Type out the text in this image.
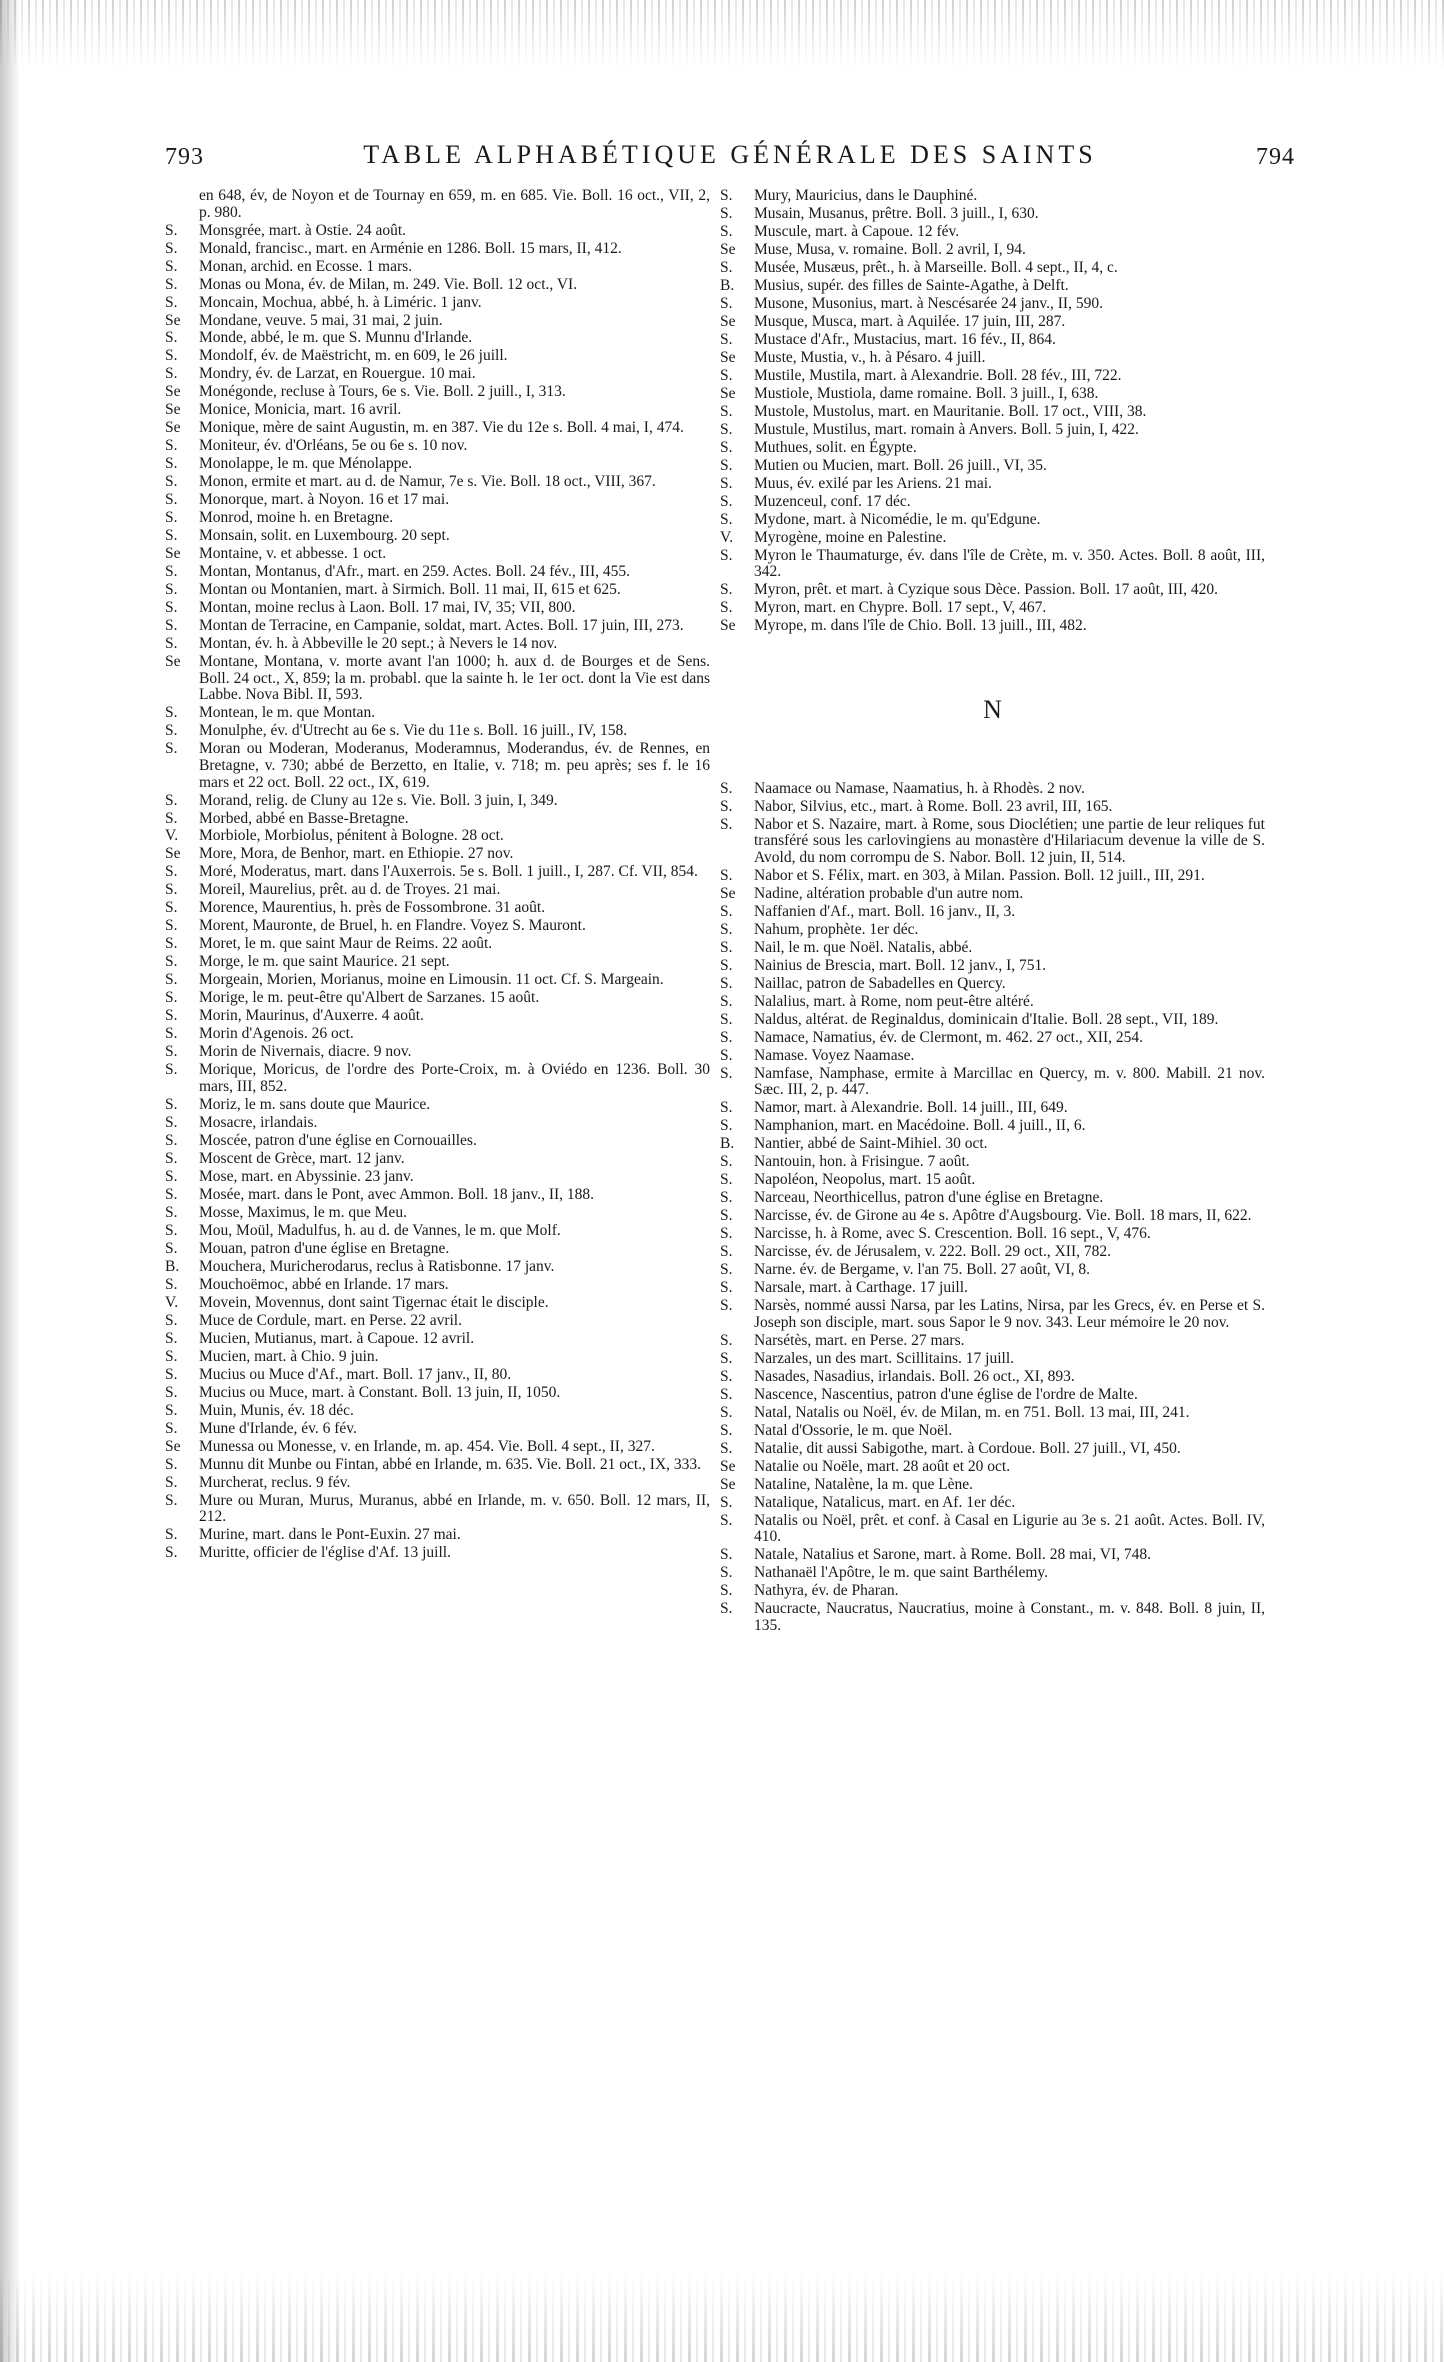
793	TABLE ALPHABÉTIQUE GÉNÉRALE DES SAINTS	794
en 648, év, de Noyon et de Tournay en 659, m. en 685. Vie. Boll. 16 oct., VII, 2, p. 980.
S.	Monsgrée, mart. à Ostie. 24 août.
S.	Monald, francisc., mart. en Arménie en 1286. Boll. 15 mars, II, 412.
S.	Monan, archid. en Ecosse. 1 mars.
S.	Monas ou Mona, év. de Milan, m. 249. Vie. Boll. 12 oct., VI.
S.	Moncain, Mochua, abbé, h. à Liméric. 1 janv.
Se	Mondane, veuve. 5 mai, 31 mai, 2 juin.
S.	Monde, abbé, le m. que S. Munnu d'Irlande.
S.	Mondolf, év. de Maëstricht, m. en 609, le 26 juill.
S.	Mondry, év. de Larzat, en Rouergue. 10 mai.
Se	Monégonde, recluse à Tours, 6e s. Vie. Boll. 2 juill., I, 313.
Se	Monice, Monicia, mart. 16 avril.
Se	Monique, mère de saint Augustin, m. en 387. Vie du 12e s. Boll. 4 mai, I, 474.
S.	Moniteur, év. d'Orléans, 5e ou 6e s. 10 nov.
S.	Monolappe, le m. que Ménolappe.
S.	Monon, ermite et mart. au d. de Namur, 7e s. Vie. Boll. 18 oct., VIII, 367.
S.	Monorque, mart. à Noyon. 16 et 17 mai.
S.	Monrod, moine h. en Bretagne.
S.	Monsain, solit. en Luxembourg. 20 sept.
Se	Montaine, v. et abbesse. 1 oct.
S.	Montan, Montanus, d'Afr., mart. en 259. Actes. Boll. 24 fév., III, 455.
S.	Montan ou Montanien, mart. à Sirmich. Boll. 11 mai, II, 615 et 625.
S.	Montan, moine reclus à Laon. Boll. 17 mai, IV, 35; VII, 800.
S.	Montan de Terracine, en Campanie, soldat, mart. Actes. Boll. 17 juin, III, 273.
S.	Montan, év. h. à Abbeville le 20 sept.; à Nevers le 14 nov.
Se	Montane, Montana, v. morte avant l'an 1000; h. aux d. de Bourges et de Sens. Boll. 24 oct., X, 859; la m. probabl. que la sainte h. le 1er oct. dont la Vie est dans Labbe. Nova Bibl. II, 593.
S.	Montean, le m. que Montan.
S.	Monulphe, év. d'Utrecht au 6e s. Vie du 11e s. Boll. 16 juill., IV, 158.
S.	Moran ou Moderan, Moderanus, Moderamnus, Moderandus, év. de Rennes, en Bretagne, v. 730; abbé de Berzetto, en Italie, v. 718; m. peu après; ses f. le 16 mars et 22 oct. Boll. 22 oct., IX, 619.
S.	Morand, relig. de Cluny au 12e s. Vie. Boll. 3 juin, I, 349.
S.	Morbed, abbé en Basse-Bretagne.
V.	Morbiole, Morbiolus, pénitent à Bologne. 28 oct.
Se	More, Mora, de Benhor, mart. en Ethiopie. 27 nov.
S.	Moré, Moderatus, mart. dans l'Auxerrois. 5e s. Boll. 1 juill., I, 287. Cf. VII, 854.
S.	Moreil, Maurelius, prêt. au d. de Troyes. 21 mai.
S.	Morence, Maurentius, h. près de Fossombrone. 31 août.
S.	Morent, Mauronte, de Bruel, h. en Flandre. Voyez S. Mauront.
S.	Moret, le m. que saint Maur de Reims. 22 août.
S.	Morge, le m. que saint Maurice. 21 sept.
S.	Morgeain, Morien, Morianus, moine en Limousin. 11 oct. Cf. S. Margeain.
S.	Morige, le m. peut-être qu'Albert de Sarzanes. 15 août.
S.	Morin, Maurinus, d'Auxerre. 4 août.
S.	Morin d'Agenois. 26 oct.
S.	Morin de Nivernais, diacre. 9 nov.
S.	Morique, Moricus, de l'ordre des Porte-Croix, m. à Oviédo en 1236. Boll. 30 mars, III, 852.
S.	Moriz, le m. sans doute que Maurice.
S.	Mosacre, irlandais.
S.	Moscée, patron d'une église en Cornouailles.
S.	Moscent de Grèce, mart. 12 janv.
S.	Mose, mart. en Abyssinie. 23 janv.
S.	Mosée, mart. dans le Pont, avec Ammon. Boll. 18 janv., II, 188.
S.	Mosse, Maximus, le m. que Meu.
S.	Mou, Moül, Madulfus, h. au d. de Vannes, le m. que Molf.
S.	Mouan, patron d'une église en Bretagne.
B.	Mouchera, Muricherodarus, reclus à Ratisbonne. 17 janv.
S.	Mouchoëmoc, abbé en Irlande. 17 mars.
V.	Movein, Movennus, dont saint Tigernac était le disciple.
S.	Muce de Cordule, mart. en Perse. 22 avril.
S.	Mucien, Mutianus, mart. à Capoue. 12 avril.
S.	Mucien, mart. à Chio. 9 juin.
S.	Mucius ou Muce d'Af., mart. Boll. 17 janv., II, 80.
S.	Mucius ou Muce, mart. à Constant. Boll. 13 juin, II, 1050.
S.	Muin, Munis, év. 18 déc.
S.	Mune d'Irlande, év. 6 fév.
Se	Munessa ou Monesse, v. en Irlande, m. ap. 454. Vie. Boll. 4 sept., II, 327.
S.	Munnu dit Munbe ou Fintan, abbé en Irlande, m. 635. Vie. Boll. 21 oct., IX, 333.
S.	Murcherat, reclus. 9 fév.
S.	Mure ou Muran, Murus, Muranus, abbé en Irlande, m. v. 650. Boll. 12 mars, II, 212.
S.	Murine, mart. dans le Pont-Euxin. 27 mai.
S.	Muritte, officier de l'église d'Af. 13 juill.
S.	Mury, Mauricius, dans le Dauphiné.
S.	Musain, Musanus, prêtre. Boll. 3 juill., I, 630.
S.	Muscule, mart. à Capoue. 12 fév.
Se	Muse, Musa, v. romaine. Boll. 2 avril, I, 94.
S.	Musée, Musæus, prêt., h. à Marseille. Boll. 4 sept., II, 4, c.
B.	Musius, supér. des filles de Sainte-Agathe, à Delft.
S.	Musone, Musonius, mart. à Nescésarée 24 janv., II, 590.
Se	Musque, Musca, mart. à Aquilée. 17 juin, III, 287.
S.	Mustace d'Afr., Mustacius, mart. 16 fév., II, 864.
Se	Muste, Mustia, v., h. à Pésaro. 4 juill.
S.	Mustile, Mustila, mart. à Alexandrie. Boll. 28 fév., III, 722.
Se	Mustiole, Mustiola, dame romaine. Boll. 3 juill., I, 638.
S.	Mustole, Mustolus, mart. en Mauritanie. Boll. 17 oct., VIII, 38.
S.	Mustule, Mustilus, mart. romain à Anvers. Boll. 5 juin, I, 422.
S.	Muthues, solit. en Égypte.
S.	Mutien ou Mucien, mart. Boll. 26 juill., VI, 35.
S.	Muus, év. exilé par les Ariens. 21 mai.
S.	Muzenceul, conf. 17 déc.
S.	Mydone, mart. à Nicomédie, le m. qu'Edgune.
V.	Myrogène, moine en Palestine.
S.	Myron le Thaumaturge, év. dans l'île de Crète, m. v. 350. Actes. Boll. 8 août, III, 342.
S.	Myron, prêt. et mart. à Cyzique sous Dèce. Passion. Boll. 17 août, III, 420.
S.	Myron, mart. en Chypre. Boll. 17 sept., V, 467.
Se	Myrope, m. dans l'île de Chio. Boll. 13 juill., III, 482.
N
S.	Naamace ou Namase, Naamatius, h. à Rhodès. 2 nov.
S.	Nabor, Silvius, etc., mart. à Rome. Boll. 23 avril, III, 165.
S.	Nabor et S. Nazaire, mart. à Rome, sous Dioclétien; une partie de leur reliques fut transféré sous les carlovingiens au monastère d'Hilariacum devenue la ville de S. Avold, du nom corrompu de S. Nabor. Boll. 12 juin, II, 514.
S.	Nabor et S. Félix, mart. en 303, à Milan. Passion. Boll. 12 juill., III, 291.
Se	Nadine, altération probable d'un autre nom.
S.	Naffanien d'Af., mart. Boll. 16 janv., II, 3.
S.	Nahum, prophète. 1er déc.
S.	Nail, le m. que Noël. Natalis, abbé.
S.	Nainius de Brescia, mart. Boll. 12 janv., I, 751.
S.	Naillac, patron de Sabadelles en Quercy.
S.	Nalalius, mart. à Rome, nom peut-être altéré.
S.	Naldus, altérat. de Reginaldus, dominicain d'Italie. Boll. 28 sept., VII, 189.
S.	Namace, Namatius, év. de Clermont, m. 462. 27 oct., XII, 254.
S.	Namase. Voyez Naamase.
S.	Namfase, Namphase, ermite à Marcillac en Quercy, m. v. 800. Mabill. 21 nov. Sæc. III, 2, p. 447.
S.	Namor, mart. à Alexandrie. Boll. 14 juill., III, 649.
S.	Namphanion, mart. en Macédoine. Boll. 4 juill., II, 6.
B.	Nantier, abbé de Saint-Mihiel. 30 oct.
S.	Nantouin, hon. à Frisingue. 7 août.
S.	Napoléon, Neopolus, mart. 15 août.
S.	Narceau, Neorthicellus, patron d'une église en Bretagne.
S.	Narcisse, év. de Girone au 4e s. Apôtre d'Augsbourg. Vie. Boll. 18 mars, II, 622.
S.	Narcisse, h. à Rome, avec S. Crescention. Boll. 16 sept., V, 476.
S.	Narcisse, év. de Jérusalem, v. 222. Boll. 29 oct., XII, 782.
S.	Narne. év. de Bergame, v. l'an 75. Boll. 27 août, VI, 8.
S.	Narsale, mart. à Carthage. 17 juill.
S.	Narsès, nommé aussi Narsa, par les Latins, Nirsa, par les Grecs, év. en Perse et S. Joseph son disciple, mart. sous Sapor le 9 nov. 343. Leur mémoire le 20 nov.
S.	Narsétès, mart. en Perse. 27 mars.
S.	Narzales, un des mart. Scillitains. 17 juill.
S.	Nasades, Nasadius, irlandais. Boll. 26 oct., XI, 893.
S.	Nascence, Nascentius, patron d'une église de l'ordre de Malte.
S.	Natal, Natalis ou Noël, év. de Milan, m. en 751. Boll. 13 mai, III, 241.
S.	Natal d'Ossorie, le m. que Noël.
S.	Natalie, dit aussi Sabigothe, mart. à Cordoue. Boll. 27 juill., VI, 450.
Se	Natalie ou Noële, mart. 28 août et 20 oct.
Se	Nataline, Natalène, la m. que Lène.
S.	Natalique, Natalicus, mart. en Af. 1er déc.
S.	Natalis ou Noël, prêt. et conf. à Casal en Ligurie au 3e s. 21 août. Actes. Boll. IV, 410.
S.	Natale, Natalius et Sarone, mart. à Rome. Boll. 28 mai, VI, 748.
S.	Nathanaël l'Apôtre, le m. que saint Barthélemy.
S.	Nathyra, év. de Pharan.
S.	Naucracte, Naucratus, Naucratius, moine à Constant., m. v. 848. Boll. 8 juin, II, 135.
